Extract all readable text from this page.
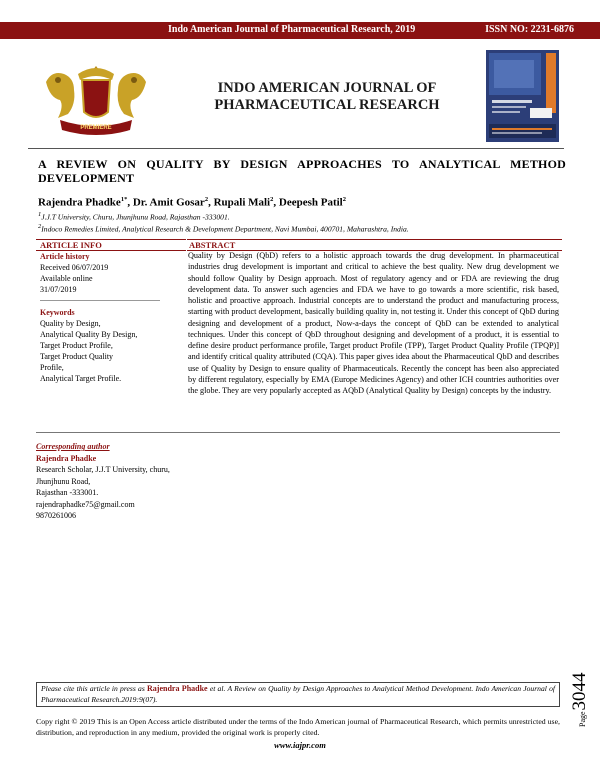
Indo American Journal of Pharmaceutical Research, 2019	ISSN NO: 2231-6876
PREMIERE
INDO AMERICAN JOURNAL OF
PHARMACEUTICAL RESEARCH
A REVIEW ON QUALITY BY DESIGN APPROACHES TO ANALYTICAL METHOD DEVELOPMENT
Rajendra Phadke$^{1*}$, Dr. Amit Gosar$^2$, Rupali Mali$^2$, Deepesh Patil$^2$
$^1$J.J.T University, Churu, Jhunjhunu Road, Rajasthan -333001.
$^2$Indoco Remedies Limited, Analytical Research & Development Department, Navi Mumbai, 400701, Maharashtra, India.
ARTICLE INFO	ABSTRACT
Article history
Received 06/07/2019
Available online
31/07/2019
Keywords
Quality by Design,
Analytical Quality By Design,
Target Product Profile,
Target Product Quality
Profile,
Analytical Target Profile.
Quality by Design (QbD) refers to a holistic approach towards the drug development. In pharmaceutical industries drug development is important and critical to achieve the best quality. New drug development we should follow Quality by Design approach. Most of regulatory agency and or FDA are reviewing the drug development data. To answer such agencies and FDA we have to go towards a more scientific, risk based, holistic and proactive approach. Industrial concepts are to understand the product and manufacturing process, starting with product development, basically building quality in, not testing it. Under this concept of QbD during designing and development of a product, Now-a-days the concept of QbD can be extended to analytical techniques. Under this concept of QbD throughout designing and development of a product, it is essential to define desire product performance profile, Target product Profile (TPP), Target Product Quality Profile (TPQP)] and identify critical quality attributed (CQA). This paper gives idea about the Pharmaceutical QbD and describes use of Quality by Design to ensure quality of Pharmaceuticals. Recently the concept has been also appreciated by different regulatory, especially by EMA (Europe Medicines Agency) and other ICH countries authorities over the globe. They are very popularly accepted as AQbD (Analytical Quality by Design) concepts by the industry.
Corresponding author
Rajendra Phadke
Research Scholar, J.J.T University, churu,
Jhunjhunu Road,
Rajasthan -333001.
rajendraphadke75@gmail.com
9870261006
Please cite this article in press as Rajendra Phadke et al. A Review on Quality by Design Approaches to Analytical Method Development. Indo American Journal of Pharmaceutical Research.2019:9(07).
Copy right © 2019 This is an Open Access article distributed under the terms of the Indo American journal of Pharmaceutical Research, which permits unrestricted use, distribution, and reproduction in any medium, provided the original work is properly cited.
www.iajpr.com
Page3044
